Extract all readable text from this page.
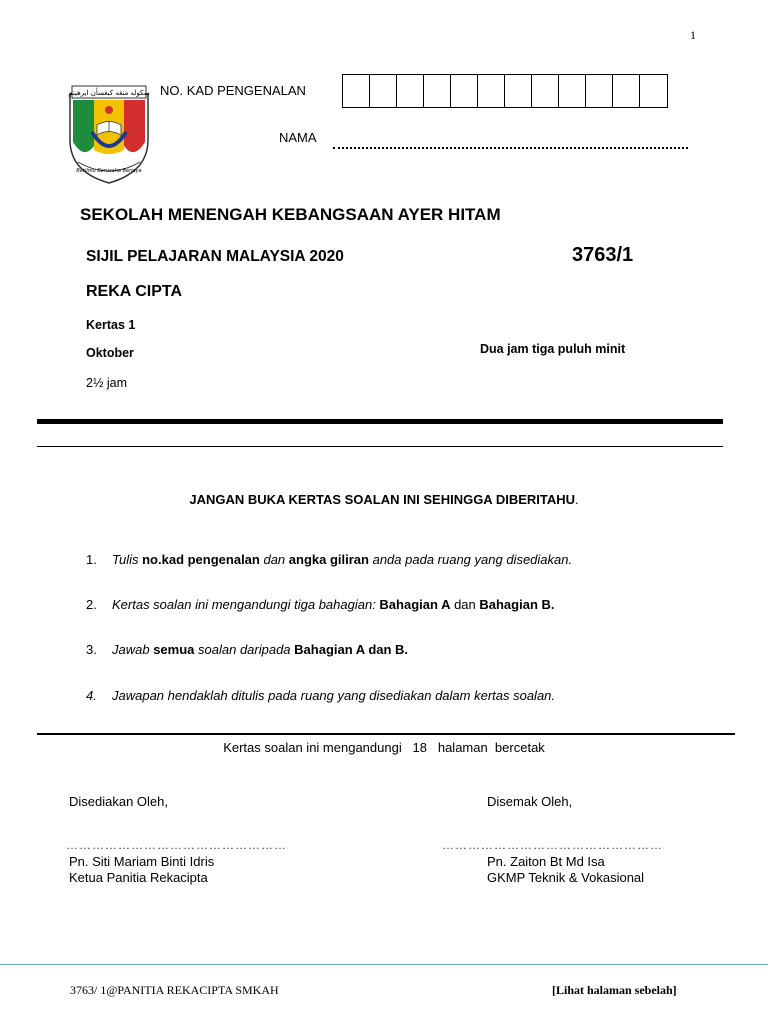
1
سكوله منڠه كبڠسأن ايرهيتم
Berilmu Berusaha Berjaya
NO. KAD PENGENALAN
NAMA
SEKOLAH MENENGAH KEBANGSAAN AYER HITAM
SIJIL PELAJARAN MALAYSIA 2020	3763/1
REKA CIPTA
Kertas 1
Oktober	Dua jam tiga puluh minit
2½ jam
JANGAN BUKA KERTAS SOALAN INI SEHINGGA DIBERITAHU.
1. Tulis no.kad pengenalan dan angka giliran anda pada ruang yang disediakan.
2. Kertas soalan ini mengandungi tiga bahagian: Bahagian A dan Bahagian B.
3. Jawab semua soalan daripada Bahagian A dan B.
4. Jawapan hendaklah ditulis pada ruang yang disediakan dalam kertas soalan.
Kertas soalan ini mengandungi   18   halaman  bercetak
Disediakan Oleh,
……………………………………………
Pn. Siti Mariam Binti Idris
Ketua Panitia Rekacipta
Disemak Oleh,
……………………………………………
Pn. Zaiton Bt Md Isa
GKMP Teknik & Vokasional
3763/ 1@PANITIA REKACIPTA SMKAH	[Lihat halaman sebelah]
